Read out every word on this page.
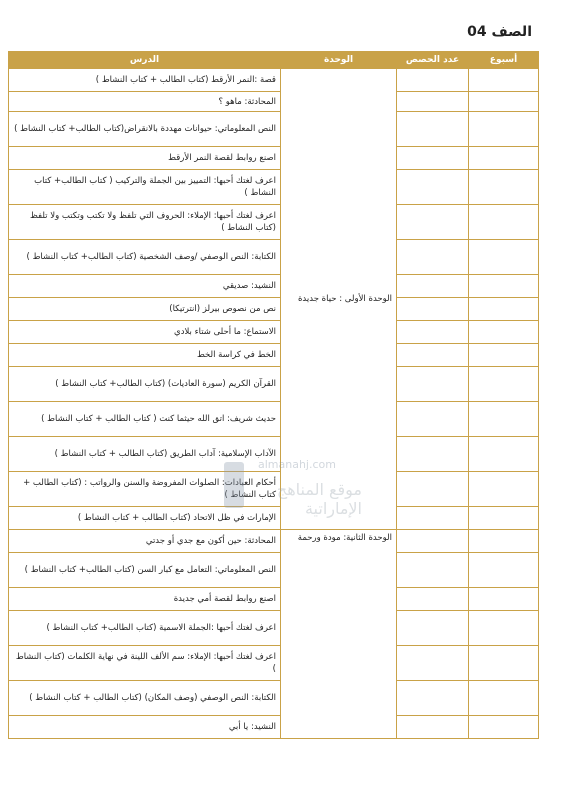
الصف 04
أسبوع	عدد الحصص	الوحدة	الدرس
		الوحدة الأولى : حياة جديدة	قصة :النمر الأرقط (كتاب الطالب + كتاب النشاط )
			المحادثة: ماهو ؟
			النص المعلوماتي: حيوانات مهددة بالانقراض(كتاب الطالب+ كتاب النشاط )
			اصنع روابط لقصة النمر الأرقط
			اعرف لغتك أحبها: التمييز بين الجملة والتركيب ( كتاب الطالب+ كتاب النشاط )
			اعرف لغتك أحبها: الإملاء: الحروف التي تلفظ ولا تكتب وتكتب ولا تلفظ (كتاب النشاط )
			الكتابة: النص الوصفي /وصف الشخصية (كتاب الطالب+ كتاب النشاط )
			النشيد: صديقي
			نص من نصوص بيرلز (انترتيكا)
			الاستماع: ما أحلى شتاء بلادي
			الخط في كراسة الخط
			القرآن الكريم (سورة العاديات) (كتاب الطالب+ كتاب النشاط )
			حديث شريف: اتق الله حيثما كنت ( كتاب الطالب + كتاب النشاط )
			الآداب الإسلامية: آداب الطريق (كتاب الطالب + كتاب النشاط )
			أحكام العبادات: الصلوات المفروضة والسنن والرواتب : (كتاب الطالب + كتاب النشاط )
			الإمارات في ظل الاتحاد (كتاب الطالب + كتاب النشاط )
		الوحدة الثانية: مودة ورحمة	المحادثة: حين أكون مع جدي أو جدتي
			النص المعلوماتي: التعامل مع كبار السن (كتاب الطالب+ كتاب النشاط )
			اصنع روابط لقصة أمي جديدة
			اعرف لغتك أحبها :الجملة الاسمية (كتاب الطالب+ كتاب النشاط )
			اعرف لغتك أحبها: الإملاء: سم الألف اللينة في نهاية الكلمات (كتاب النشاط )
			الكتابة: النص الوصفي (وصف المكان) (كتاب الطالب + كتاب النشاط )
			النشيد: يا أبي
almanahj.com
موقع المناهج الإماراتية
